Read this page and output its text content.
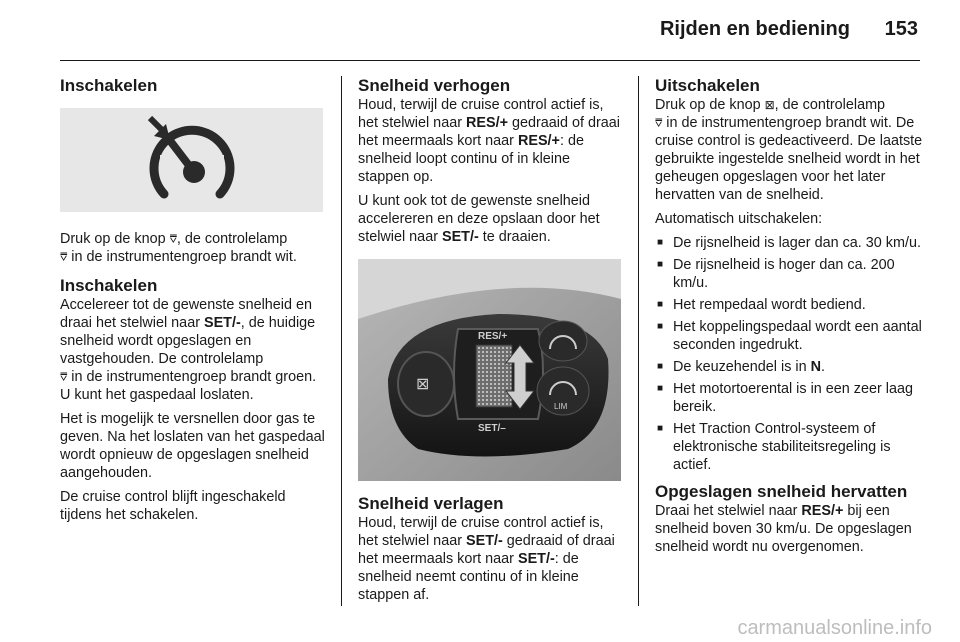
Rijden en bediening 153
Inschakelen

Druk op de knop ⩢, de controlelamp
⩢ in de instrumentengroep brandt wit.

Inschakelen

Accelereer tot de gewenste snelheid en draai het stelwiel naar SET/-, de huidige snelheid wordt opgeslagen en vastgehouden. De controlelamp
⩢ in de instrumentengroep brandt groen. U kunt het gaspedaal loslaten.

Het is mogelijk te versnellen door gas te geven. Na het loslaten van het gaspedaal wordt opnieuw de opgeslagen snelheid aangehouden.

De cruise control blijft ingeschakeld tijdens het schakelen.

Snelheid verhogen

Houd, terwijl de cruise control actief is, het stelwiel naar RES/+ gedraaid of draai het meermaals kort naar RES/+: de snelheid loopt continu of in kleine stappen op.

U kunt ook tot de gewenste snelheid accelereren en deze opslaan door het stelwiel naar SET/- te draaien.

⊠
RES/+
SET/–
LIM
Snelheid verlagen

Houd, terwijl de cruise control actief is, het stelwiel naar SET/- gedraaid of draai het meermaals kort naar SET/-: de snelheid neemt continu of in kleine stappen af.

Uitschakelen

Druk op de knop ⊠, de controlelamp
⩢ in de instrumentengroep brandt wit. De cruise control is gedeactiveerd. De laatste gebruikte ingestelde snelheid wordt in het geheugen opgeslagen voor het later hervatten van de snelheid.

Automatisch uitschakelen:

■ De rijsnelheid is lager dan ca. 30 km/u.
■ De rijsnelheid is hoger dan ca. 200 km/u.
■ Het rempedaal wordt bediend.
■ Het koppelingspedaal wordt een aantal seconden ingedrukt.
■ De keuzehendel is in N.
■ Het motortoerental is in een zeer laag bereik.
■ Het Traction Control-systeem of elektronische stabiliteitsregeling is actief.
Opgeslagen snelheid hervatten

Draai het stelwiel naar RES/+ bij een snelheid boven 30 km/u. De opgeslagen snelheid wordt nu overgenomen.

carmanualsonline.info
